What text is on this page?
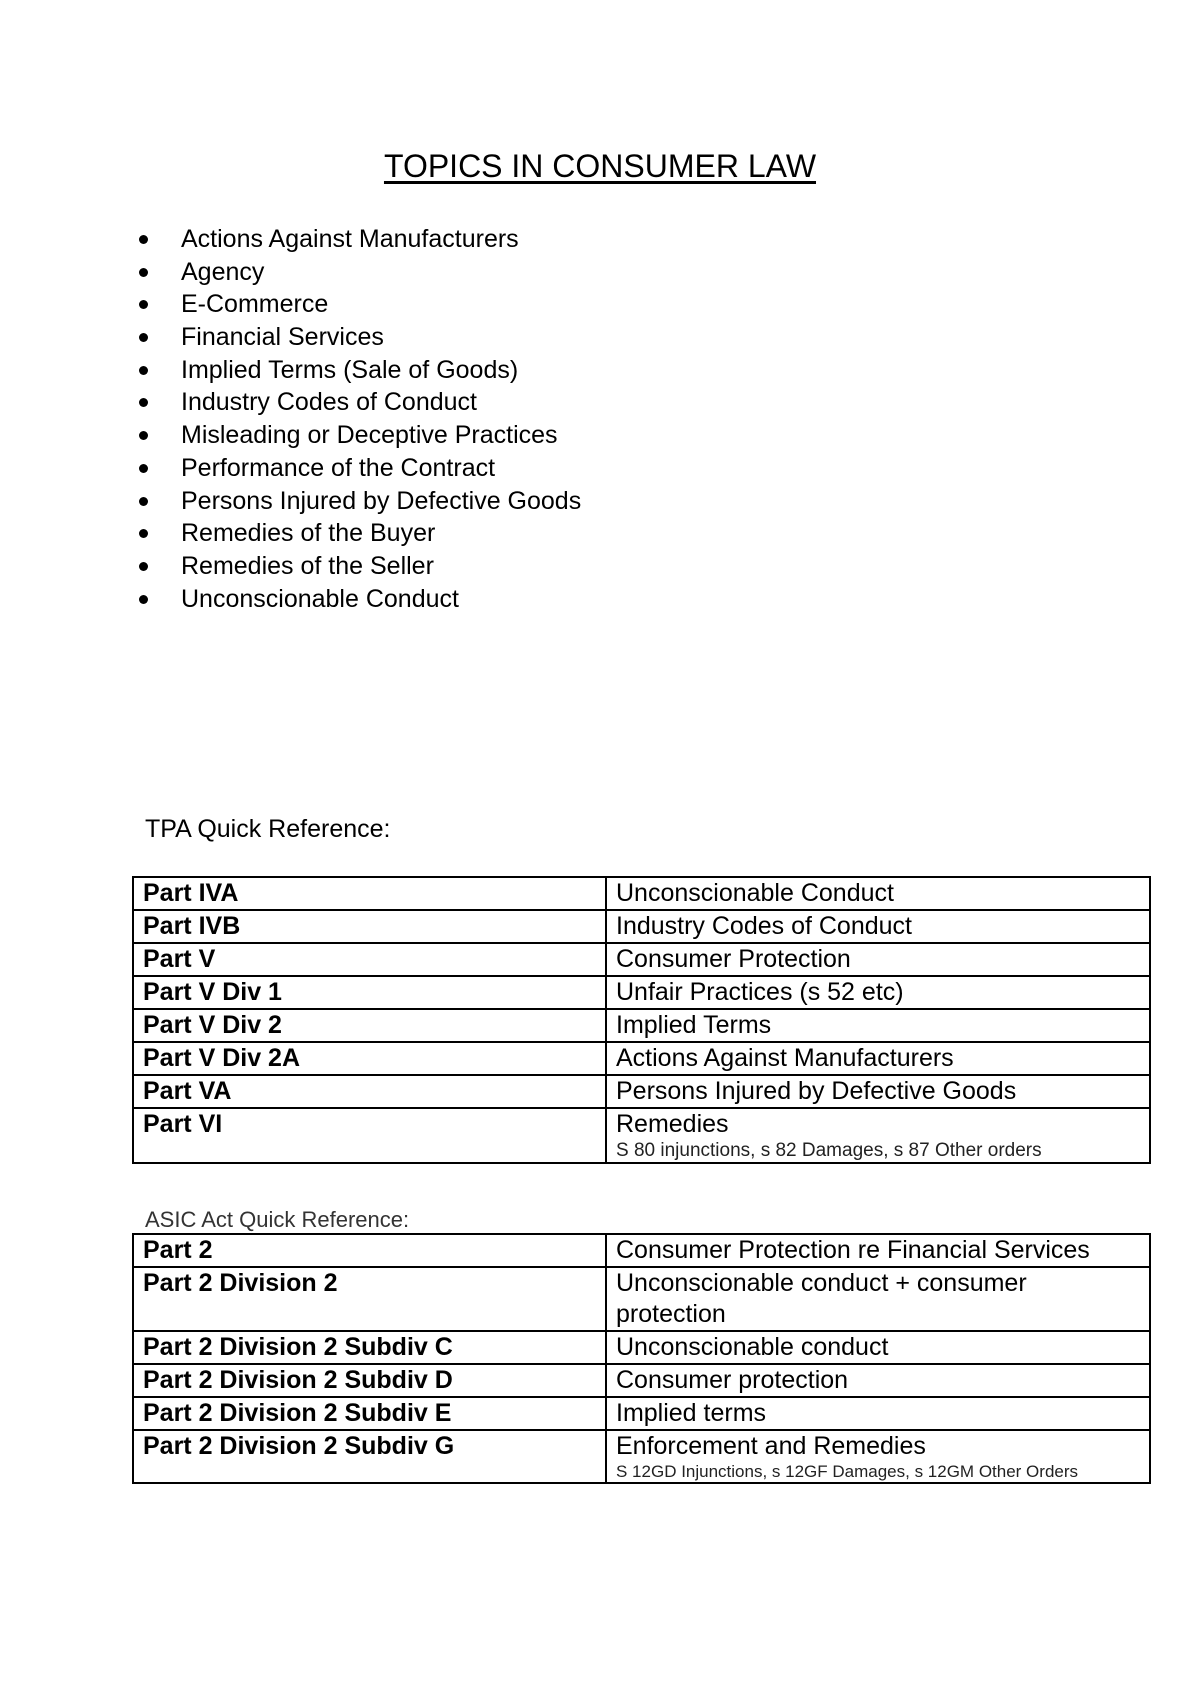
TOPICS IN CONSUMER LAW
Actions Against Manufacturers
Agency
E-Commerce
Financial Services
Implied Terms (Sale of Goods)
Industry Codes of Conduct
Misleading or Deceptive Practices
Performance of the Contract
Persons Injured by Defective Goods
Remedies of the Buyer
Remedies of the Seller
Unconscionable Conduct
TPA Quick Reference:
Part IVA	Unconscionable Conduct
Part IVB	Industry Codes of Conduct
Part V	Consumer Protection
Part V Div 1	Unfair Practices (s 52 etc)
Part V Div 2	Implied Terms
Part V Div 2A	Actions Against Manufacturers
Part VA	Persons Injured by Defective Goods
Part VI	Remedies
S 80 injunctions, s 82 Damages, s 87 Other orders
ASIC Act Quick Reference:
Part 2	Consumer Protection re Financial Services
Part 2 Division 2	Unconscionable conduct + consumer protection
Part 2 Division 2 Subdiv C	Unconscionable conduct
Part 2 Division 2 Subdiv D	Consumer protection
Part 2 Division 2 Subdiv E	Implied terms
Part 2 Division 2 Subdiv G	Enforcement and Remedies
S 12GD Injunctions, s 12GF Damages, s 12GM Other Orders
